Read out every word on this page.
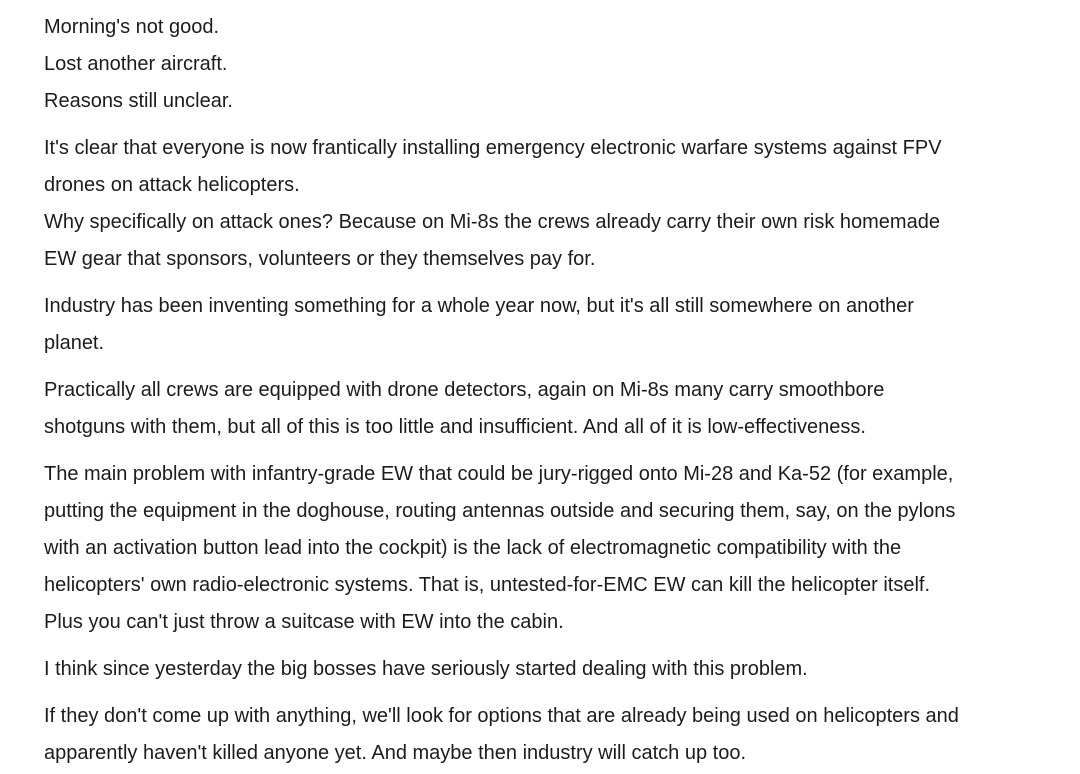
Morning's not good.
Lost another aircraft.
Reasons still unclear.

It's clear that everyone is now frantically installing emergency electronic warfare systems against FPV
drones on attack helicopters.
Why specifically on attack ones? Because on Mi-8s the crews already carry their own risk homemade
EW gear that sponsors, volunteers or they themselves pay for.

Industry has been inventing something for a whole year now, but it's all still somewhere on another
planet.

Practically all crews are equipped with drone detectors, again on Mi-8s many carry smoothbore
shotguns with them, but all of this is too little and insufficient. And all of it is low-effectiveness.

The main problem with infantry-grade EW that could be jury-rigged onto Mi-28 and Ka-52 (for example,
putting the equipment in the doghouse, routing antennas outside and securing them, say, on the pylons
with an activation button lead into the cockpit) is the lack of electromagnetic compatibility with the
helicopters' own radio-electronic systems. That is, untested-for-EMC EW can kill the helicopter itself.
Plus you can't just throw a suitcase with EW into the cabin.

I think since yesterday the big bosses have seriously started dealing with this problem.

If they don't come up with anything, we'll look for options that are already being used on helicopters and
apparently haven't killed anyone yet. And maybe then industry will catch up too.
